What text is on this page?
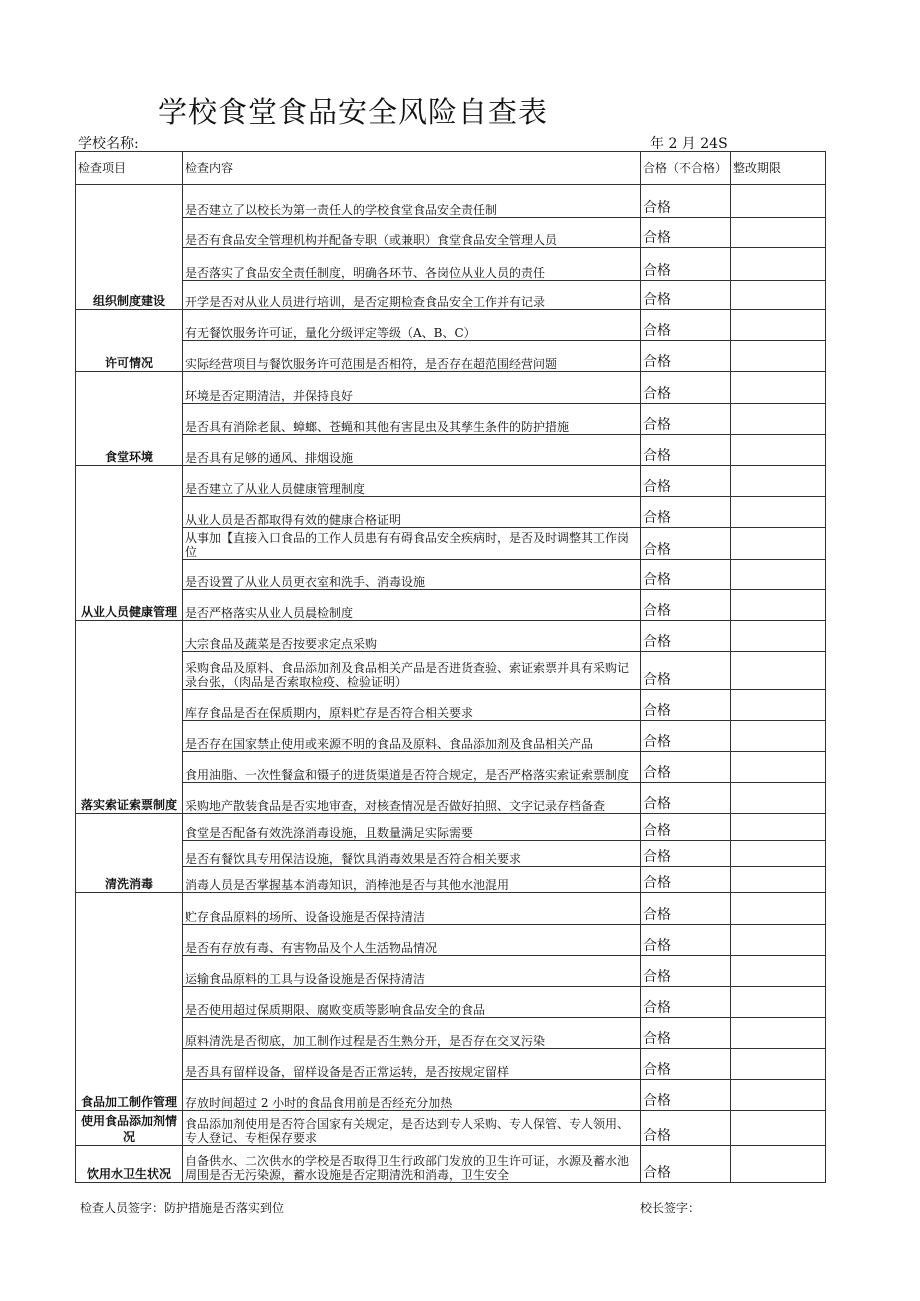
学校食堂食品安全风险自查表
学校名称:	年 2 月 24S
检查项目	检查内容	合格（不合格）	整改期限
组织制度建设	是否建立了以校长为第一责任人的学校食堂食品安全责任制	合格	
	是否有食品安全管理机构并配备专职（或兼职）食堂食品安全管理人员	合格	
	是否落实了食品安全责任制度，明确各环节、各岗位从业人员的责任	合格	
	开学是否对从业人员进行培训，是否定期检查食品安全工作并有记录	合格	
许可情况	有无餐饮服务许可证，量化分级评定等级（A、B、C）	合格	
	实际经营项目与餐饮服务许可范围是否相符，是否存在超范围经营问题	合格	
食堂环境	环境是否定期清洁，并保持良好	合格	
	是否具有消除老鼠、蟑螂、苍蝇和其他有害昆虫及其孳生条件的防护措施	合格	
	是否具有足够的通风、排烟设施	合格	
从业人员健康管理	是否建立了从业人员健康管理制度	合格	
	从业人员是否都取得有效的健康合格证明	合格	
	从事加【直接入口食品的工作人员患有有碍食品安全疾病时，是否及时调整其工作岗位	合格	
	是否设置了从业人员更衣室和洗手、消毒设施	合格	
	是否严格落实从业人员晨检制度	合格	
落实索证索票制度	大宗食品及蔬菜是否按要求定点采购	合格	
	采购食品及原料、食品添加剂及食品相关产品是否进货查验、索证索票并具有采购记录台张，（肉品是否索取检疫、检验证明）	合格	
	库存食品是否在保质期内，原料贮存是否符合相关要求	合格	
	是否存在国家禁止使用或来源不明的食品及原料、食品添加剂及食品相关产品	合格	
	食用油脂、一次性餐盒和镊子的进货渠道是否符合规定，是否严格落实索证索票制度	合格	
	采购地产散装食品是否实地审查，对核查情况是否做好拍照、文字记录存档备查	合格	
清洗消毒	食堂是否配备有效洗涤消毒设施，且数量满足实际需要	合格	
	是否有餐饮具专用保洁设施，餐饮具消毒效果是否符合相关要求	合格	
	消毒人员是否掌握基本消毒知识，消棒池是否与其他水池混用	合格	
食品加工制作管理	贮存食品原料的场所、设备设施是否保持清洁	合格	
	是否有存放有毒、有害物品及个人生活物品情况	合格	
	运输食品原料的工具与设备设施是否保持清洁	合格	
	是否使用超过保质期限、腐败变质等影响食品安全的食品	合格	
	原料清洗是否彻底，加工制作过程是否生熟分开，是否存在交叉污染	合格	
	是否具有留样设备，留样设备是否正常运转，是否按规定留样	合格	
	存放时间超过 2 小时的食品食用前是否经充分加热	合格	
使用食品添加剂情况	食品添加剂使用是否符合国家有关规定，是否达到专人采购、专人保管、专人领用、专人登记、专柜保存要求	合格	
饮用水卫生状况	自备供水、二次供水的学校是否取得卫生行政部门发放的卫生许可证，水源及蓄水池周围是否无污染源，蓄水设施是否定期清洗和消毒，卫生安全	合格	
检查人员签字：防护措施是否落实到位	校长签字：
